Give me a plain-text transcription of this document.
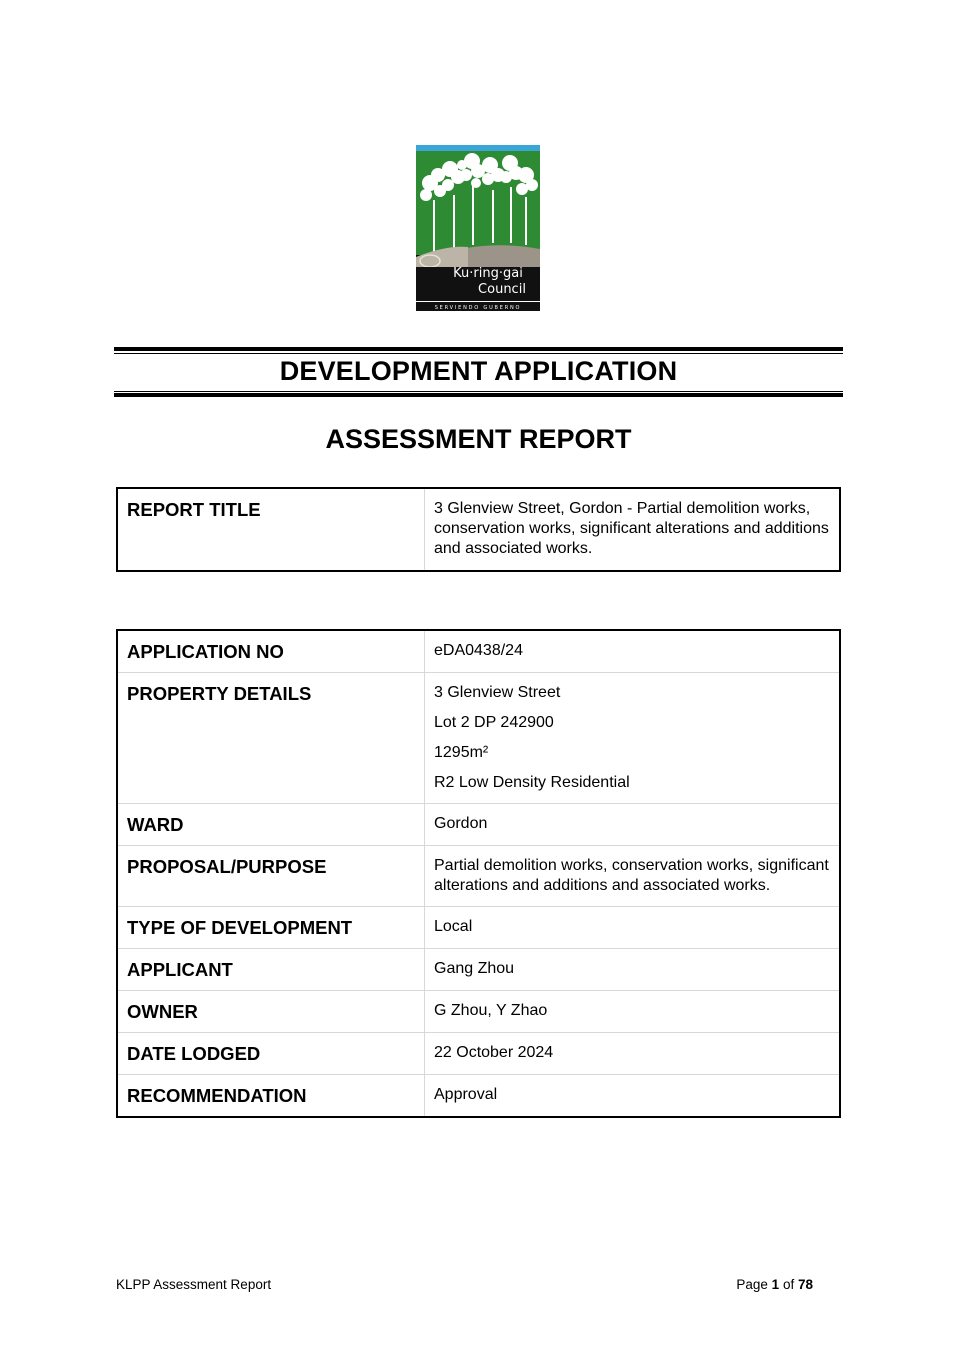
Ku·ring·gai
Council
SERVIENDO GUBERNO
DEVELOPMENT APPLICATION
ASSESSMENT REPORT
REPORT TITLE	3 Glenview Street, Gordon - Partial demolition works, conservation works, significant alterations and additions and associated works.
APPLICATION NO	eDA0438/24
PROPERTY DETAILS	3 Glenview Street
Lot 2 DP 242900
1295m²
R2 Low Density Residential

WARD	Gordon
PROPOSAL/PURPOSE	Partial demolition works, conservation works, significant alterations and additions and associated works.
TYPE OF DEVELOPMENT	Local
APPLICANT	Gang Zhou
OWNER	G Zhou, Y Zhao
DATE LODGED	22 October 2024
RECOMMENDATION	Approval
KLPP Assessment Report	Page 1 of 78
